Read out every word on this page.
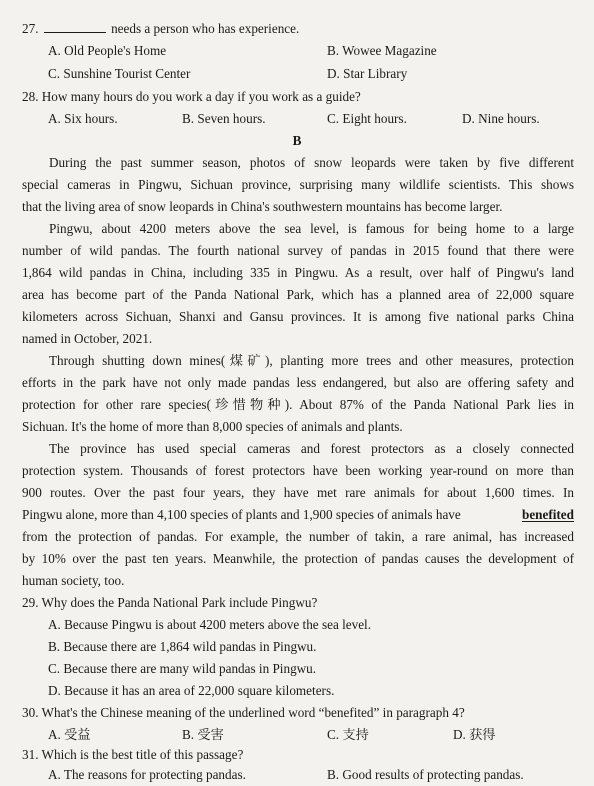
27.	needs a person who has experience.
A. Old People's Home	B. Wowee Magazine
C. Sunshine Tourist Center	D. Star Library
28. How many hours do you work a day if you work as a guide?
A. Six hours.	B. Seven hours.	C. Eight hours.	D. Nine hours.
B
During the past summer season, photos of snow leopards were taken by five different
special cameras in Pingwu, Sichuan province, surprising many wildlife scientists. This shows
that the living area of snow leopards in China's southwestern mountains has become larger.
Pingwu, about 4200 meters above the sea level, is famous for being home to a large
number of wild pandas. The fourth national survey of pandas in 2015 found that there were
1,864 wild pandas in China, including 335 in Pingwu. As a result, over half of Pingwu's land
area has become part of the Panda National Park, which has a planned area of 22,000 square
kilometers across Sichuan, Shanxi and Gansu provinces. It is among five national parks China
named in October, 2021.
Through shutting down mines(煤矿), planting more trees and other measures, protection
efforts in the park have not only made pandas less endangered, but also are offering safety and
protection for other rare species(珍惜物种). About 87% of the Panda National Park lies in
Sichuan. It's the home of more than 8,000 species of animals and plants.
The province has used special cameras and forest protectors as a closely connected
protection system. Thousands of forest protectors have been working year-round on more than
900 routes. Over the past four years, they have met rare animals for about 1,600 times. In
Pingwu alone, more than 4,100 species of plants and 1,900 species of animals have	benefited
from the protection of pandas. For example, the number of takin, a rare animal, has increased
by 10% over the past ten years. Meanwhile, the protection of pandas causes the development of
human society, too.
29. Why does the Panda National Park include Pingwu?
A. Because Pingwu is about 4200 meters above the sea level.
B. Because there are 1,864 wild pandas in Pingwu.
C. Because there are many wild pandas in Pingwu.
D. Because it has an area of 22,000 square kilometers.
30. What's the Chinese meaning of the underlined word “benefited” in paragraph 4?
A. 受益	B. 受害	C. 支持	D. 获得
31. Which is the best title of this passage?
A. The reasons for protecting pandas.	B. Good results of protecting pandas.
